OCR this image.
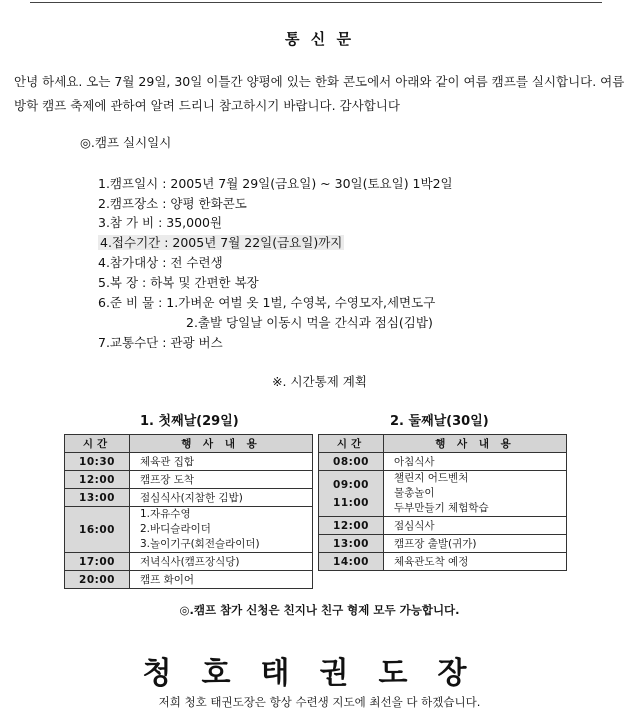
통 신 문
안녕 하세요. 오는 7월 29일, 30일 이틀간 양평에 있는 한화 콘도에서 아래와 같이 여름 캠프를 실시합니다. 여름방학 캠프 축제에 관하여 알려 드리니 참고하시기 바랍니다. 감사합니다
◎.캠프 실시일시
1.캠프일시 : 2005년 7월 29일(금요일) ~ 30일(토요일) 1박2일
2.캠프장소 : 양평 한화콘도
3.참 가 비 : 35,000원
4.접수기간 : 2005년 7월 22일(금요일)까지
4.참가대상 : 전 수련생
5.복 장 : 하복 및 간편한 복장
6.준 비 물 : 1.가벼운 여벌 옷 1벌, 수영복, 수영모자,세면도구
2.출발 당일날 이동시 먹을 간식과 점심(김밥)
7.교통수단 : 관광 버스
※. 시간통제 계획
1. 첫째날(29일)	2. 둘째날(30일)
시간	행 사 내 용
10:30	체육관 집합
12:00	캠프장 도착
13:00	점심식사(지참한 김밥)
16:00	1.자유수영
2.바디슬라이더
3.놀이기구(회전슬라이더)
17:00	저녁식사(캠프장식당)
20:00	캠프 화이어
시간	행 사 내 용
08:00	아침식사
09:00
11:00	챌린지 어드벤처
물총놀이
두부만들기 체험학습
12:00	점심식사
13:00	캠프장 출발(귀가)
14:00	체육관도착 예정
◎.캠프 참가 신청은 친지나 친구 형제 모두 가능합니다.
청호태권도장
저희 청호 태권도장은 항상 수련생 지도에 최선을 다 하겠습니다.
